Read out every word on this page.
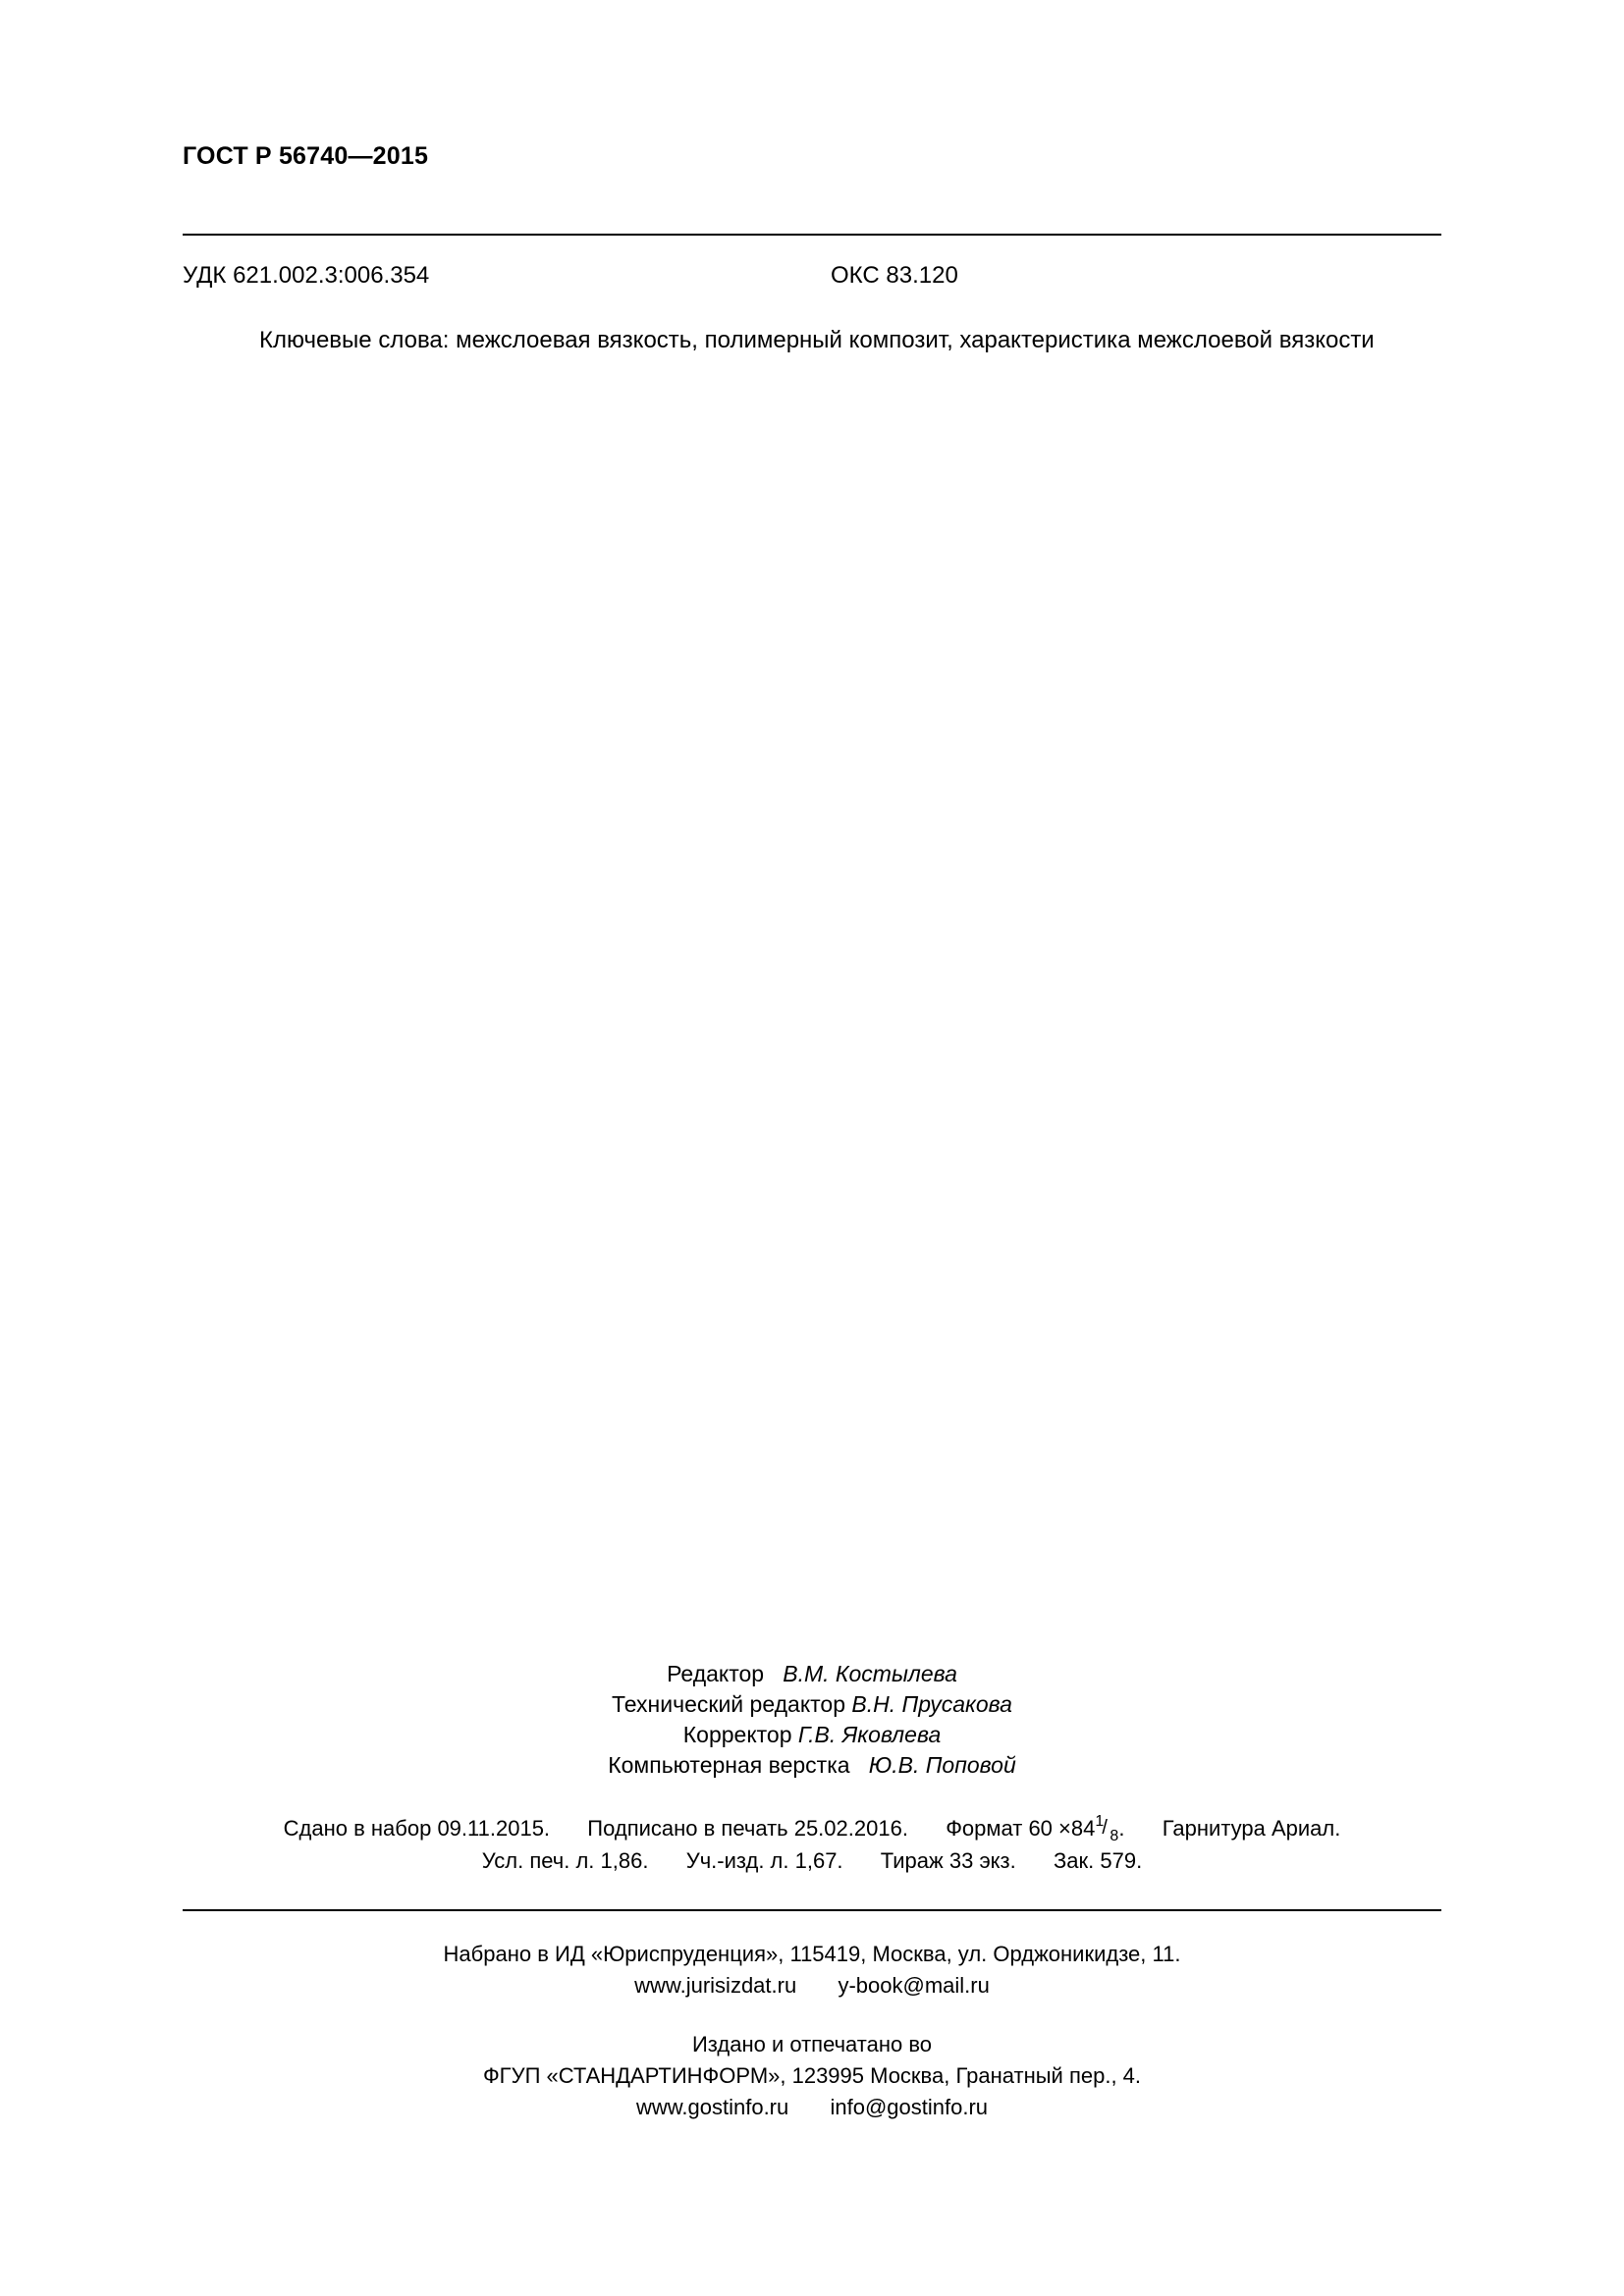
ГОСТ Р 56740—2015
УДК 621.002.3:006.354	ОКС 83.120
Ключевые слова: межслоевая вязкость, полимерный композит, характеристика межслоевой вязкости
Редактор В.М. Костылева
Технический редактор В.Н. Прусакова
Корректор Г.В. Яковлева
Компьютерная верстка Ю.В. Поповой
Сдано в набор 09.11.2015. Подписано в печать 25.02.2016. Формат 60 ×84 1
/ 8 . Гарнитура Ариал.
Усл. печ. л. 1,86. Уч.-изд. л. 1,67. Тираж 33 экз. Зак. 579.
Набрано в ИД «Юриспруденция», 115419, Москва, ул. Орджоникидзе, 11.
www.jurisizdat.ru y-book@mail.ru
Издано и отпечатано во
ФГУП «СТАНДАРТИНФОРМ», 123995 Москва, Гранатный пер., 4.
www.gostinfo.ru info@gostinfo.ru
